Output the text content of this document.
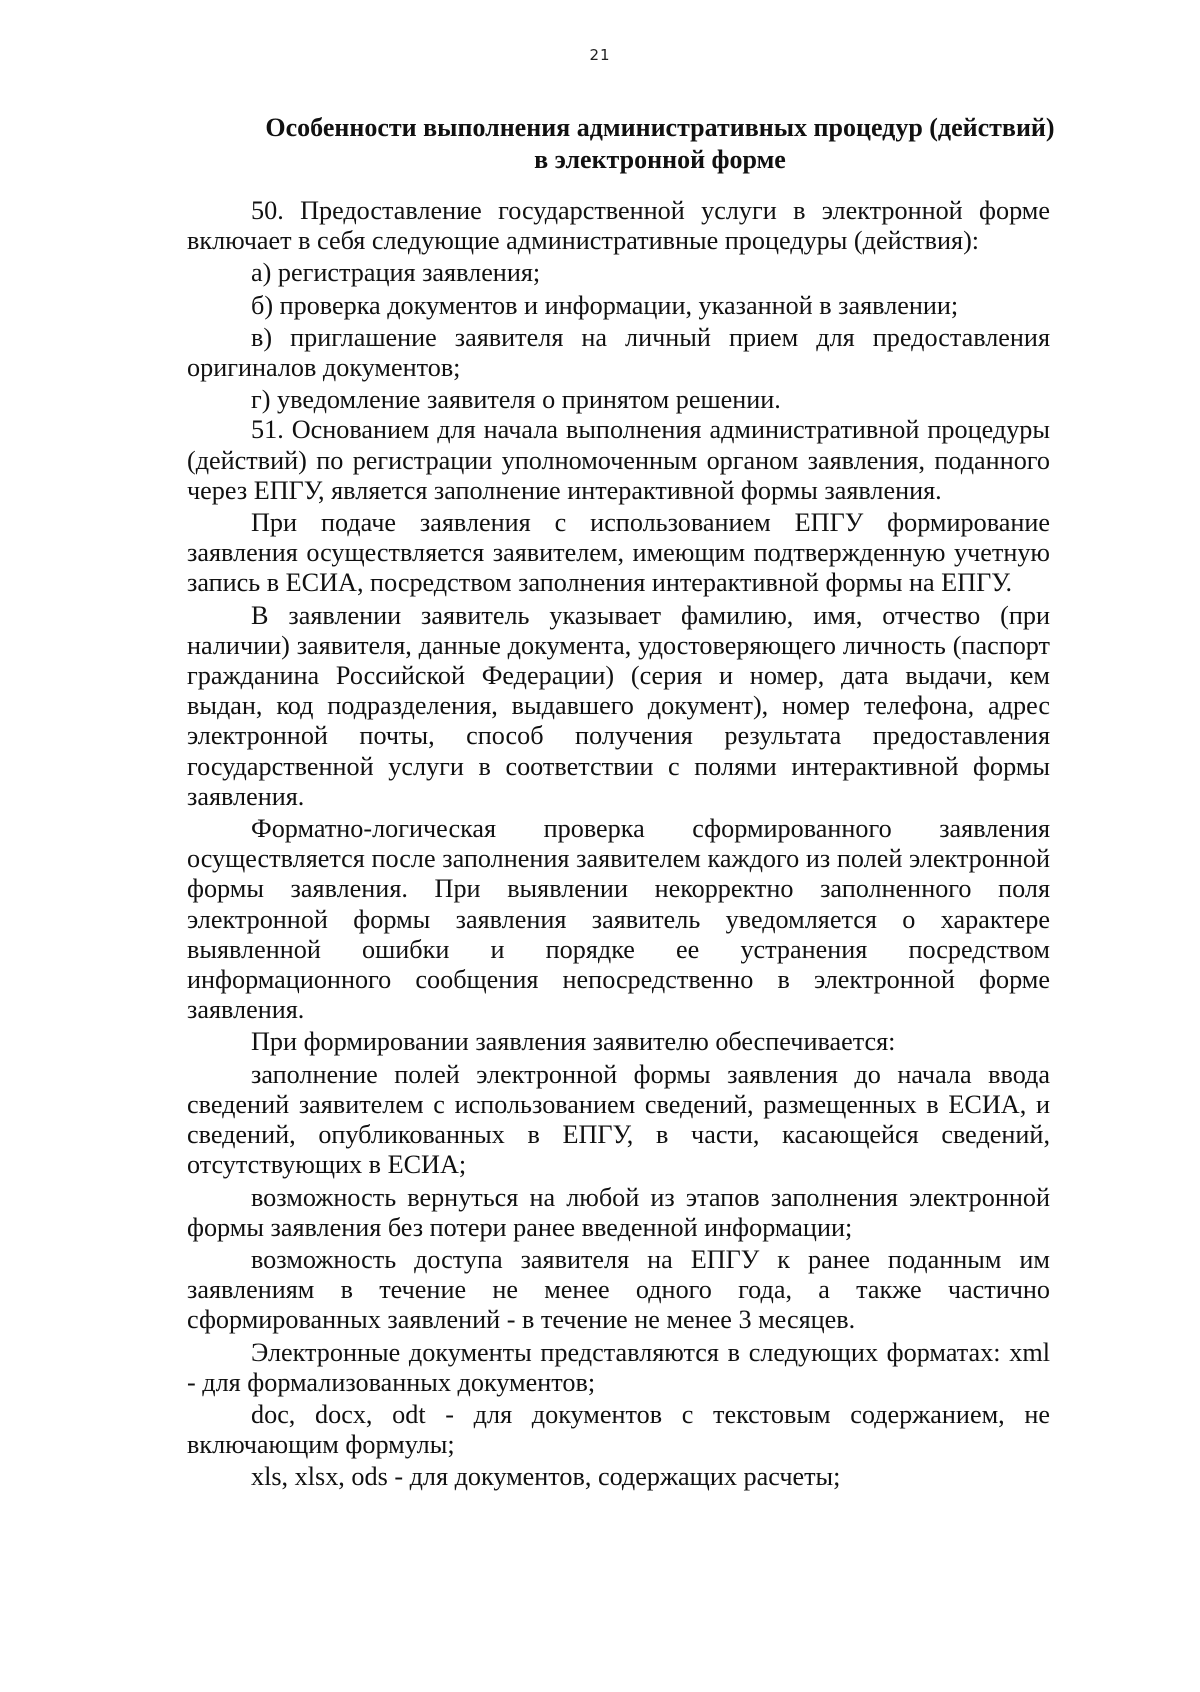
21
Особенности выполнения административных процедур (действий)
в электронной форме

50. Предоставление государственной услуги в электронной форме включает в себя следующие административные процедуры (действия):

а) регистрация заявления;

б) проверка документов и информации, указанной в заявлении;

в) приглашение заявителя на личный прием для предоставления оригиналов документов;

г) уведомление заявителя о принятом решении.

51. Основанием для начала выполнения административной процедуры (действий) по регистрации уполномоченным органом заявления, поданного через ЕПГУ, является заполнение интерактивной формы заявления.

При подаче заявления с использованием ЕПГУ формирование заявления осуществляется заявителем, имеющим подтвержденную учетную запись в ЕСИА, посредством заполнения интерактивной формы на ЕПГУ.

В заявлении заявитель указывает фамилию, имя, отчество (при наличии) заявителя, данные документа, удостоверяющего личность (паспорт гражданина Российской Федерации) (серия и номер, дата выдачи, кем выдан, код подразделения, выдавшего документ), номер телефона, адрес электронной почты, способ получения результата предоставления государственной услуги в соответствии с полями интерактивной формы заявления.

Форматно-логическая проверка сформированного заявления осуществляется после заполнения заявителем каждого из полей электронной формы заявления. При выявлении некорректно заполненного поля электронной формы заявления заявитель уведомляется о характере выявленной ошибки и порядке ее устранения посредством информационного сообщения непосредственно в электронной форме заявления.

При формировании заявления заявителю обеспечивается:

заполнение полей электронной формы заявления до начала ввода сведений заявителем с использованием сведений, размещенных в ЕСИА, и сведений, опубликованных в ЕПГУ, в части, касающейся сведений, отсутствующих в ЕСИА;

возможность вернуться на любой из этапов заполнения электронной формы заявления без потери ранее введенной информации;

возможность доступа заявителя на ЕПГУ к ранее поданным им заявлениям в течение не менее одного года, а также частично сформированных заявлений - в течение не менее 3 месяцев.

Электронные документы представляются в следующих форматах: xml - для формализованных документов;

doc, docx, odt - для документов с текстовым содержанием, не включающим формулы;

xls, xlsx, ods - для документов, содержащих расчеты;
